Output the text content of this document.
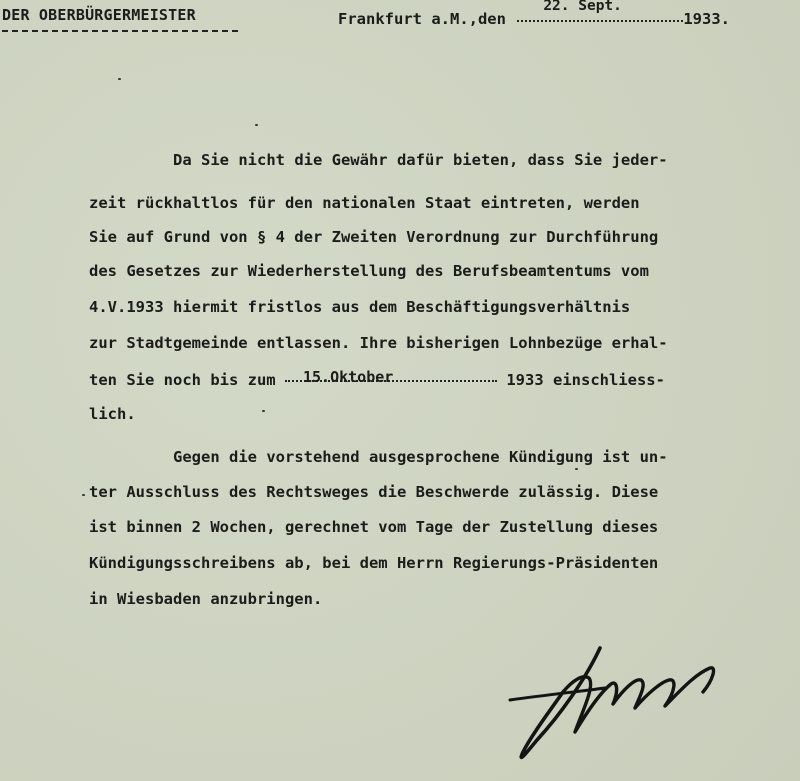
DER OBERBÜRGERMEISTER	Frankfurt a.M.,den
22. Sept.
1933.
Da Sie nicht die Gewähr dafür bieten, dass Sie jeder-
zeit rückhaltlos für den nationalen Staat eintreten, werden
Sie auf Grund von § 4 der Zweiten Verordnung zur Durchführung
des Gesetzes zur Wiederherstellung des Berufsbeamtentums vom
4.V.1933 hiermit fristlos aus dem Beschäftigungsverhältnis
zur Stadtgemeinde entlassen. Ihre bisherigen Lohnbezüge erhal-
ten Sie noch bis zum 15.Oktober	1933 einschliess-
lich.
Gegen die vorstehend ausgesprochene Kündigung ist un-
ter Ausschluss des Rechtsweges die Beschwerde zulässig. Diese
ist binnen 2 Wochen, gerechnet vom Tage der Zustellung dieses
Kündigungsschreibens ab, bei dem Herrn Regierungs-Präsidenten
in Wiesbaden anzubringen.
